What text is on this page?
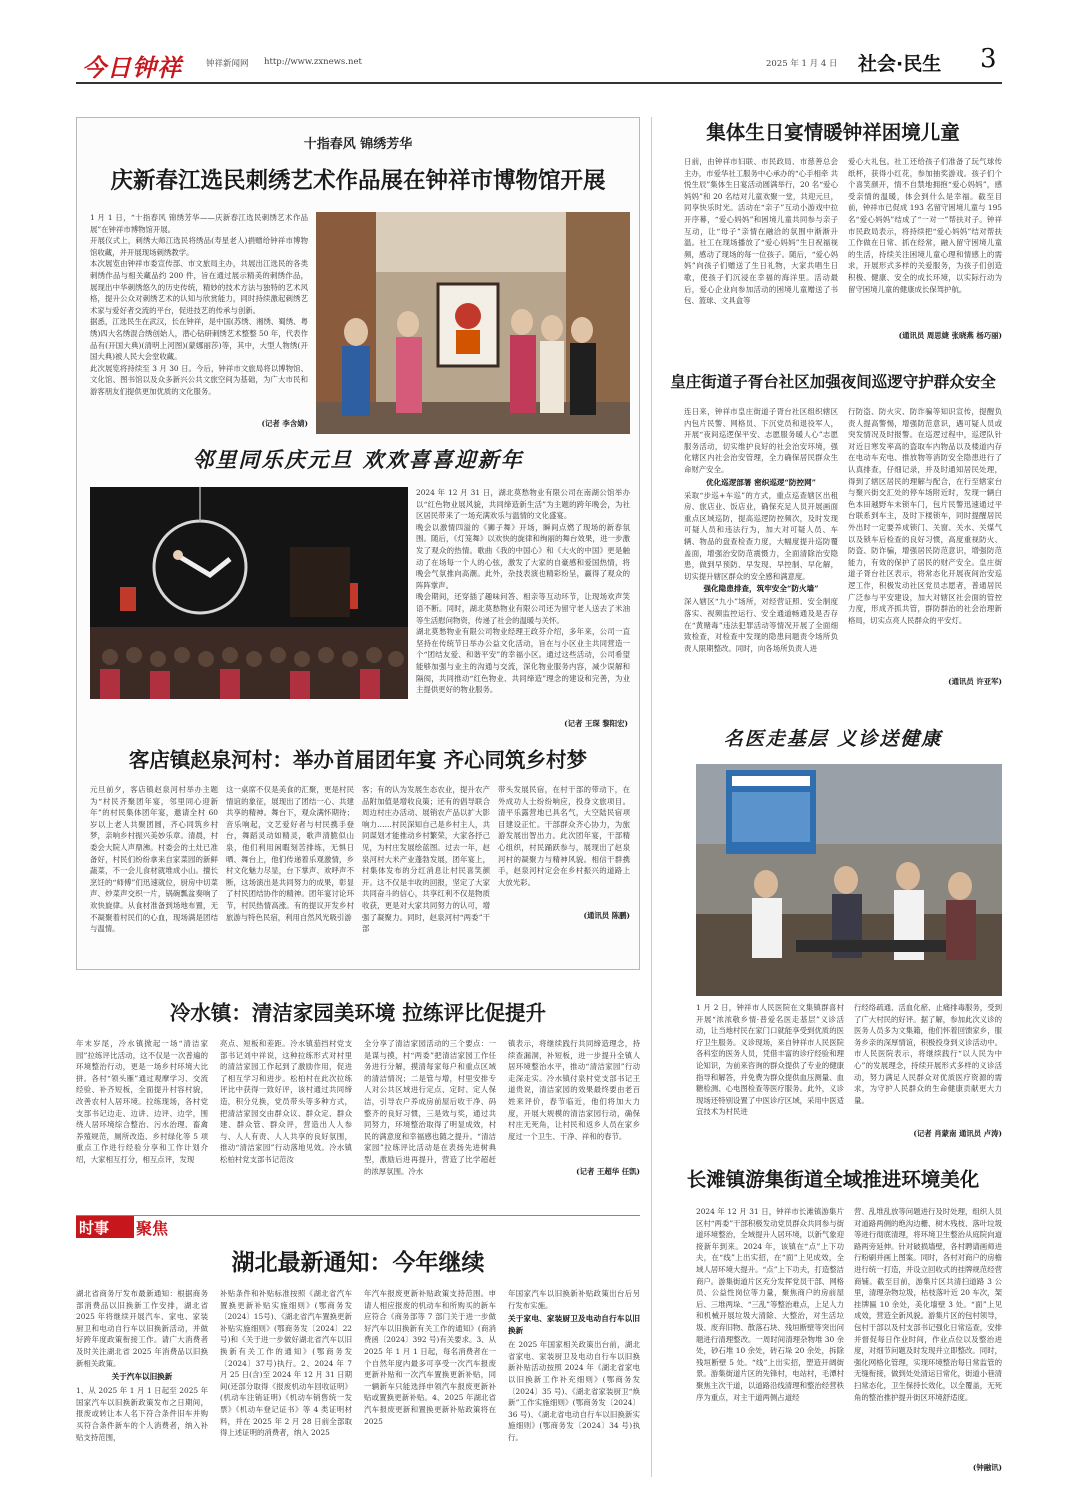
今日钟祥	钟祥新闻网 http://www.zxnews.net	2025 年 1 月 4 日 社会·民生 3
十指春风 锦绣芳华
庆新春江选民刺绣艺术作品展在钟祥市博物馆开展

1 月 1 日，“十指春风 锦绣芳华——庆新春江选民刺绣艺术作品展”在钟祥市博物馆开展。

开展仪式上，刺绣大师江选民将绣品(寿星老人)捐赠给钟祥市博物馆收藏，并开展现场刺绣教学。

本次展览由钟祥市委宣传部、市文旅局主办，共展出江选民的各类刺绣作品与相关藏品约 200 件，旨在通过展示精美的刺绣作品，展现出中华刺绣悠久的历史传统，精妙的技术方法与独特的艺术风格，提升公众对刺绣艺术的认知与欣赏能力，同时持续激起刺绣艺术家与爱好者交流的平台，促进技艺的传承与创新。

据悉，江选民生在武汉，长在钟祥，是中国(苏绣、湘绣、蜀绣、粤绣)四大名绣混合绣创始人，潜心钻研刺绣艺术整整 50 年，代表作品有(开国大典)(清明上河图)(蒙娜丽莎)等，其中，大型人物绣(开国大典)被人民大会堂收藏。

此次展览将持续至 3 月 30 日。今后，钟祥市文旅局将以博物馆、文化馆、图书馆以及众多新兴公共文旅空间为基础，为广大市民和游客朋友们提供更加优质的文化服务。

(记者 李含婧)
邻里同乐庆元旦 欢欢喜喜迎新年

2024 年 12 月 31 日，湖北莫愁物业有限公司在南湖公馆举办以“红色物业展风貌，共同缔造新生活”为主题的跨年晚会，为社区居民带来了一场充满欢乐与温情的文化盛宴。

晚会以激情四溢的《狮子舞》开场，瞬间点燃了现场的新春氛围。随后，《灯笼舞》以欢快的旋律和绚丽的舞台效果，进一步激发了观众的热情。歌曲《我的中国心》和《大火的中国》更是触动了在场每一个人的心弦，激发了大家的自豪感和爱国热情，将晚会气氛推向高潮。此外，杂技表演也精彩纷呈，赢得了观众的阵阵掌声。

晚会期间，还穿插了趣味问答、相亲等互动环节，让现场欢声笑语不断。同时，湖北莫愁物业有限公司还为留守老人送去了米油等生活慰问物资，传递了社会的温暖与关怀。

湖北莫愁物业有限公司物业经理王政芬介绍，多年来，公司一直坚持在传统节日举办公益文化活动，旨在与小区业主共同营造一个“团结友爱、和谐平安”的幸福小区。通过这些活动，公司希望能够加强与业主的沟通与交流，深化物业服务内容，减少误解和隔阂，共同推动“红色物业、共同缔造”理念的建设和完善，为业主提供更好的物业服务。

(记者 王琛 黎阳宏)
客店镇赵泉河村：举办首届团年宴 齐心同筑乡村梦
元旦前夕，客店镇赵泉河村举办主题为“村民齐聚团年宴，邻里同心迎新年”的村民集体团年宴，邀请全村 60 岁以上老人共聚团圆，齐心同筑乡村梦，亲响乡村振兴美妙乐章。清晨，村委会大院人声鼎沸。村委会的土灶已准备好，村民们纷纷拿来自家菜园的新鲜蔬菜，不一会儿食材就堆成小山。擅长烹饪的“师傅”们迅速就位，厨房中切菜声、炒菜声交织一片，锅碗瓢盆奏响了欢快旋律。从食材准备到场地布置，无不凝聚着村民们的心血，现场满是团结与温情。
这一桌席不仅是美食的汇聚，更是村民情谊的象征，展现出了团结一心、共建共享的精神。舞台下，观众满怀期待；音乐响起，文艺爱好者与村民携手登台，舞蹈灵动如精灵，歌声清脆似山泉，他们利用闲暇刻苦排练，无惧日晒、舞台上，他们传递着乐观激情，乡村文化魅力尽显，台下掌声、欢呼声不断，这场演出是共同努力的成果，彰显了村民团结协作的精神。团年宴讨论环节，村民热情高涨。有的提议开发乡村旅游与特色民宿，利用自然风光吸引游
客；有的认为发展生态农业，提升农产品附加值是增收良策；还有的倡导联合周边村庄办活动、展销农产品以扩大影响力……村民深知自己是乡村主人，共同谋划才能推动乡村繁荣，大家各抒己见，为村庄发展绘蓝图。过去一年，赵泉河村大米产业蓬勃发展，团年宴上，村集体发布的分红消息让村民喜笑颜开。这不仅是丰收的回报，坚定了大家共同奋斗的信心，共享红利不仅是物质收获，更是对大家共同努力的认可，增强了凝聚力。同时，赵泉河村“两委”干部
带头发展民宿，在村干部的带动下，在外成功人士纷纷响应，投身文旅项目。清平乐露营地已具名气，大空陆民宿项目建设正忙。干部群众齐心协力，为旅游发展出智出力。此次团年宴，干部精心组织，村民踊跃参与，展现出了赵泉河村的凝聚力与精神风貌。相信干群携手，赵泉河村定会在乡村振兴的道路上大放光彩。
(通讯员 陈鹏)
冷水镇：清洁家园美环境 拉练评比促提升
年末岁尾，冷水镇掀起一场“清洁家园”拉练评比活动，这不仅是一次普遍的环境整治行动，更是一场乡村环境大比拼。各村“领头雁”通过观摩学习、交流经验、补齐短板，全面提升村容村貌，改善农村人居环境。拉练现场，各村党支部书记边走、边讲、边评、边学，围绕人居环境综合整治、污水治理、畜禽养殖规范，厕所改造、乡村绿化等 5 项重点工作进行经验分享和工作计划介绍，大家相互打分，相互点评，发现
亮点、短板和差距。冷水镇茄挡村党支部书记刘中祥说，这种拉练形式对村里的清洁家园工作起到了激励作用，促进了相互学习和进步。松柏村在此次拉练评比中获得一致好评，该村通过共同缔造，积分兑换，党员带头等多种方式，把清洁家园交由群众议、群众定、群众建、群众管、群众评，营造出人人参与、人人有责、人人共享的良好氛围，推动“清洁家园”行动落地见效。冷水镇松柏村党支部书记范汝
全分享了清洁家园活动的三个要点：一是谋与摸，村“两委”把清洁家园工作任务进行分解，摸清每家每户和重点区域的清洁情况；二是管与增，村里安排专人对公共区域进行定点、定时、定人保洁，引导农户养成房前屋后收干净、码整齐的良好习惯，三是效与奖，通过共同努力，环境整治取得了明显成效，村民的满意度和幸福感也随之提升。“清洁家园”拉练评比活动是在表扬先进树典型，激励后进再提升，营造了比学超赶的浓厚氛围。冷水
镇表示，将继续践行共同缔造理念，持续查漏洞，补短板，进一步提升全镇人居环境整治水平，推动“清洁家园”行动走深走实。冷水镇付泉村党支部书记王道贵说，清洁家园的效果最终要由老百姓来评价，春节临近，他们将加大力度，开展大规模的清洁家园行动，确保村庄无死角，让村民和返乡人员在家乡度过一个卫生、干净、祥和的春节。
(记者 王超华 任凯)
时事 聚焦
湖北最新通知：今年继续

湖北省商务厅发布最新通知：根据商务部消费品以旧换新工作安排，湖北省 2025 年将继续开展汽车、家电、家装厨卫和电动自行车以旧换新活动，并做好跨年度政策衔接工作。请广大消费者及时关注湖北省 2025 年消费品以旧换新相关政策。

关于汽车以旧换新

1、从 2025 年 1 月 1 日起至 2025 年国家汽车以旧换新政策发布之日期间，报废或转让本人名下符合条件旧车并购买符合条件新车的个人消费者，纳入补贴支持范围，

补贴条件和补贴标准按照《湖北省汽车置换更新补贴实施细则》(鄂商务发〔2024〕15号)、《湖北省汽车置换更新补贴实施细则》(鄂商务发〔2024〕22号)和《关于进一步做好湖北省汽车以旧换新有关工作的通知》(鄂商务发〔2024〕37号)执行。2、2024 年 7 月 25 日(含)至 2024 年 12 月 31 日期间(还部分取得《报废机动车回收证明》(机动车注销证明)《机动车销售统一发票》《机动车登记证书》等 4 类证明材料，并在 2025 年 2 月 28 日前全部取得上述证明的消费者，纳入 2025
年汽车报废更新补贴政策支持范围。申请人相应报废的机动车和所购买的新车应符合《商务部等 7 部门关于进一步做好汽车以旧换新有关工作的通知》(商消费函〔2024〕392 号)有关要求。3、从 2025 年 1 月 1 日起，每名消费者在一个自然年度内最多可享受一次汽车报废更新补贴和一次汽车置换更新补贴，同一辆新车只能选择申领汽车报废更新补贴或置换更新补贴。4、2025 年湖北省汽车报废更新和置换更新补贴政策将在 2025

年国家汽车以旧换新补贴政策出台后另行发布实施。

关于家电、家装厨卫及电动自行车以旧换新

在 2025 年国家相关政策出台前，湖北省家电、家装厨卫及电动自行车以旧换新补贴活动按照 2024 年《湖北省家电以旧换新工作补充细则》(鄂商务发〔2024〕35 号)、《湖北省家装厨卫“焕新”工作实施细则》(鄂商务发〔2024〕36 号)、《湖北省电动自行车以旧换新实施细则》(鄂商务发〔2024〕34 号)执行。

集体生日宴情暖钟祥困境儿童
日前，由钟祥市妇联、市民政局、市慈善总会主办，市爱华社工服务中心承办的“心手相牵 共悦生辰”集体生日宴活动圆满举行，20 名“爱心妈妈”和 20 名结对儿童欢聚一堂，共迎元旦，同享快乐时光。活动在“亲子”互动小游戏中拉开序幕，“爱心妈妈”和困境儿童共同参与亲子互动，让“母子”亲情在融洽的氛围中渐渐升温。社工在现场播放了“爱心妈妈”生日祝福视频，感动了现场的每一位孩子。随后，“爱心妈妈”向孩子们赠送了生日礼物，大家共唱生日歌，使孩子们沉浸在幸福的海洋里。活动最后，爱心企业向参加活动的困境儿童赠送了书包、篮球、文具盒等
爱心大礼包。社工还给孩子们准备了玩气球传纸杯，获得小红花，参加抽奖游戏。孩子们个个喜笑颜开，情不自禁地拥抱“爱心妈妈”，感受亲情的温暖，体会到什么是幸福。截至目前，钟祥市已促成 193 名留守困境儿童与 195 名“爱心妈妈”结成了“一对一”帮扶对子。钟祥市民政局表示，将持续把“爱心妈妈”结对帮扶工作做在日常、抓在经常，融入留守困境儿童的生活，持续关注困境儿童心理和情感上的需求，开展形式多样的关爱服务，为孩子们创造积极、健康、安全的成长环境，以实际行动为留守困境儿童的健康成长保驾护航。
(通讯员 周思婕 张晓燕 杨巧丽)
皇庄街道子胥台社区加强夜间巡逻守护群众安全

连日来，钟祥市皇庄街道子胥台社区组织辖区内包片民警、网格员、下沉党员和退役军人，开展“夜间巡逻保平安、志愿服务暖人心”志愿服务活动，切实维护良好的社会治安环境，强化辖区内社会治安管理，全力确保居民群众生命财产安全。

优化巡逻部署 密织巡逻“防控网”

采取“步巡+车巡”的方式，重点巡查辖区出租房、旅店业、饭店业，确保充足人员开展画面重点区域巡防，提高巡逻防控频次，及时发现可疑人员和违法行为，加大对可疑人员、车辆、物品的盘查检查力度，大幅度提升巡防覆盖面，增强治安防范震慑力，全面清除治安隐患，做到早预防、早发现、早控制、早化解，切实提升辖区群众的安全感和满意度。

强化隐患排查，筑牢安全“防火墙”

深入辖区“九小”场所，对经营证照、安全制度落实、视频监控运行、安全通道畅通及是否存在“黄赌毒”违法犯罪活动等情况开展了全面细致检查，对检查中发现的隐患问题责令场所负责人限期整改。同时，向各场所负责人进

行防盗、防火灾、防诈骗等知识宣传，提醒负责人提高警惕，增强防范意识，遇可疑人员或突发情况及时报警。在巡逻过程中，巡逻队针对近日寒发率高的盗取车内物品以及楼道内存在电动车充电、推放物等消防安全隐患进行了认真排查，仔细记录，并及时通知居民处理，得到了辖区居民的理解与配合，在行至辖家台与聚兴街交汇处的停车场附近时，发现一辆白色本田越野车未锁车门，包片民警迅速通过平台联系到车主，及时下楼锁车，同时提醒居民外出时一定要养成锁门、关窗、关水、关煤气以及锁车后检查的良好习惯，高度重视防火、防盗、防诈骗，增强居民防范意识，增强防范能力，有效的保护了居民的财产安全。皇庄街道子胥台社区表示，将常态化开展夜间治安巡逻工作，积极发动社区党员志愿者，普通居民广泛参与平安建设，加大对辖区社会面的管控力度，形成齐抓共管，群防群治的社会治理新格局，切实点亮人民群众的平安灯。
(通讯员 许亚军)
名医走基层 义诊送健康
1 月 2 日，钟祥市人民医院在文集镇群喜村开展“浓浓敬乡情·普爱名医走基层”义诊活动，让当地村民在家门口就能享受到优质的医疗卫生服务。义诊现场，来自钟祥市人民医院各科室的医务人员，凭借丰富的诊疗经验和理论知识，为前来咨询的群众提供了专业的健康指导和解答，并免费为群众提供血压测量、血糖检测、心电图检查等医疗服务。此外，义诊现场还特别设置了中医诊疗区域，采用中医适宜技术为村民进
行经络疏通、活血化瘀、止痛排毒服务，受到了广大村民的好评。据了解，参加此次义诊的医务人员多为文集籍，他们怀着回馈家乡，服务乡亲的深厚情谊，积极投身到义诊活动中。市人民医院表示，将继续践行“以人民为中心”的发展理念，持续开展形式多样的义诊活动，努力满足人民群众对优质医疗资源的需求，为守护人民群众的生命健康贡献更大力量。
(记者 肖蒙南 通讯员 卢涛)
长滩镇游集街道全域推进环境美化
2024 年 12 月 31 日，钟祥市长滩镇游集片区村“两委”干部积极发动党员群众共同参与街道环境整治，全域提升人居环境，以新气象迎接新年到来。2024 年，该镇在“点”上下功夫，在“线”上出实招，在“面”上见成效，全域人居环境大提升。“点”上下功夫，打造整洁商户。游集街道片区充分发挥党员干部、网格员、公益性岗位等力量，聚焦商户的房前屋后、三堆两垛、“三乱”等整治难点，上足人力和机械开展垃圾大清除、大整治，对生活垃圾、废弃旧物、散落石块、残垣断壁等突出问题进行清理整改。一周时间清理杂物堆 30 余处，砂石堆 10 余处，砖石垛 20 余处，拆除残垣断壁 5 处。“线”上出实招，塑造开阔街景。游集街道片区的先锋村，电站村，毛潭村聚焦主次干道，以道路沿线清理和整治经营秩序为重点，对主干道两侧占道经
营、乱堆乱放等问题进行及时处理，组织人员对道路两侧的绝沟边栅、树木残枝、落叶垃圾等进行彻底清理，将环境卫生整治从庭院向道路两旁延伸。针对破损墙壁，各村聘请画师进行粉刷并画上图案。同时，各村对商户的房檐进行统一打造，并设立回收式的挂牌规范经营商铺。截至目前，游集片区共清扫道路 3 公里，清理杂物垃圾，枯枝落叶近 20 车次，架挂牌匾 10 余处，美化墙壁 3 处。“面”上见成效，营造全新风貌。游集片区的包村领导，包村干部以及村支部书记强化日常巡查，安排并督促每日作业时间，作业点位以及整治进度，对细节问题及时发现并立即整改。同时，强化网格化管理，实现环境整治每日常监管的无缝衔接，做到处处清运日常化，街道小巷清扫常态化，卫生保持长效化，以全覆盖，无死角的整治推护提升街区环境舒适度。
(钟融讯)
